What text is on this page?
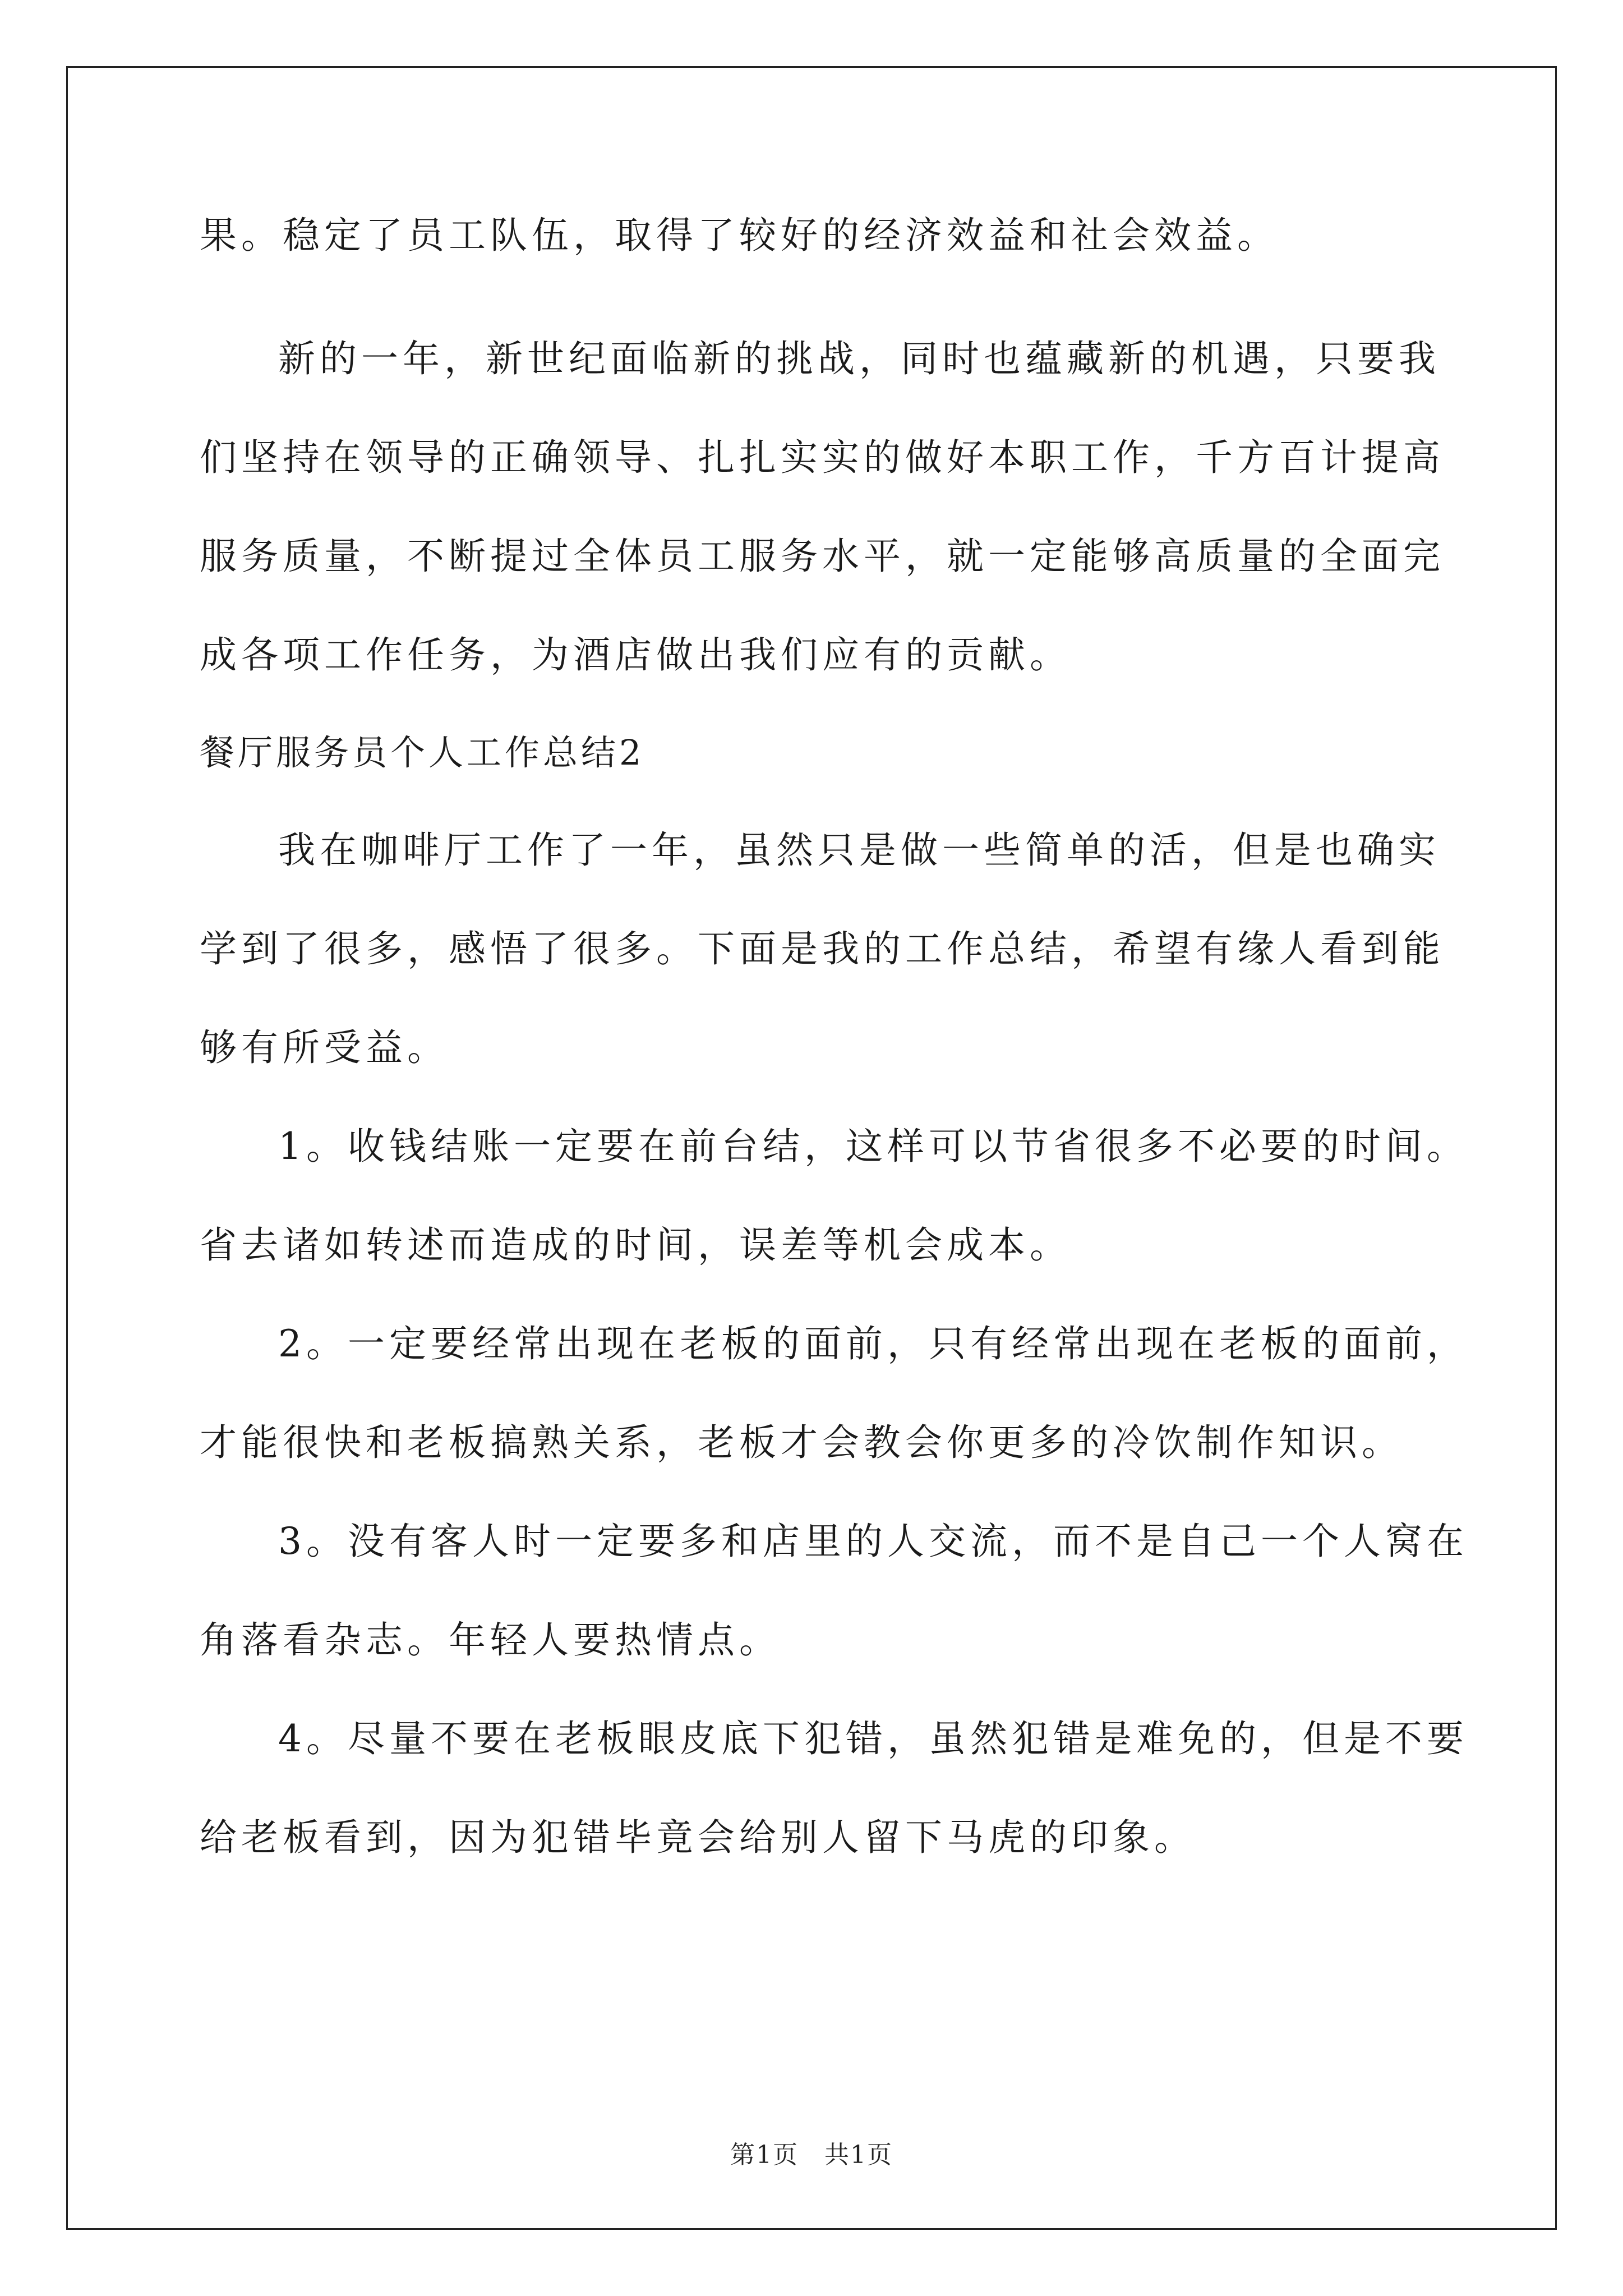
果。稳定了员工队伍，取得了较好的经济效益和社会效益。
新的一年，新世纪面临新的挑战，同时也蕴藏新的机遇，只要我
们坚持在领导的正确领导、扎扎实实的做好本职工作，千方百计提高
服务质量，不断提过全体员工服务水平，就一定能够高质量的全面完
成各项工作任务，为酒店做出我们应有的贡献。
餐厅服务员个人工作总结2
我在咖啡厅工作了一年，虽然只是做一些简单的活，但是也确实
学到了很多，感悟了很多。下面是我的工作总结，希望有缘人看到能
够有所受益。
1。收钱结账一定要在前台结，这样可以节省很多不必要的时间。
省去诸如转述而造成的时间，误差等机会成本。
2。一定要经常出现在老板的面前，只有经常出现在老板的面前，
才能很快和老板搞熟关系，老板才会教会你更多的冷饮制作知识。
3。没有客人时一定要多和店里的人交流，而不是自己一个人窝在
角落看杂志。年轻人要热情点。
4。尽量不要在老板眼皮底下犯错，虽然犯错是难免的，但是不要
给老板看到，因为犯错毕竟会给别人留下马虎的印象。
第1页　共1页
